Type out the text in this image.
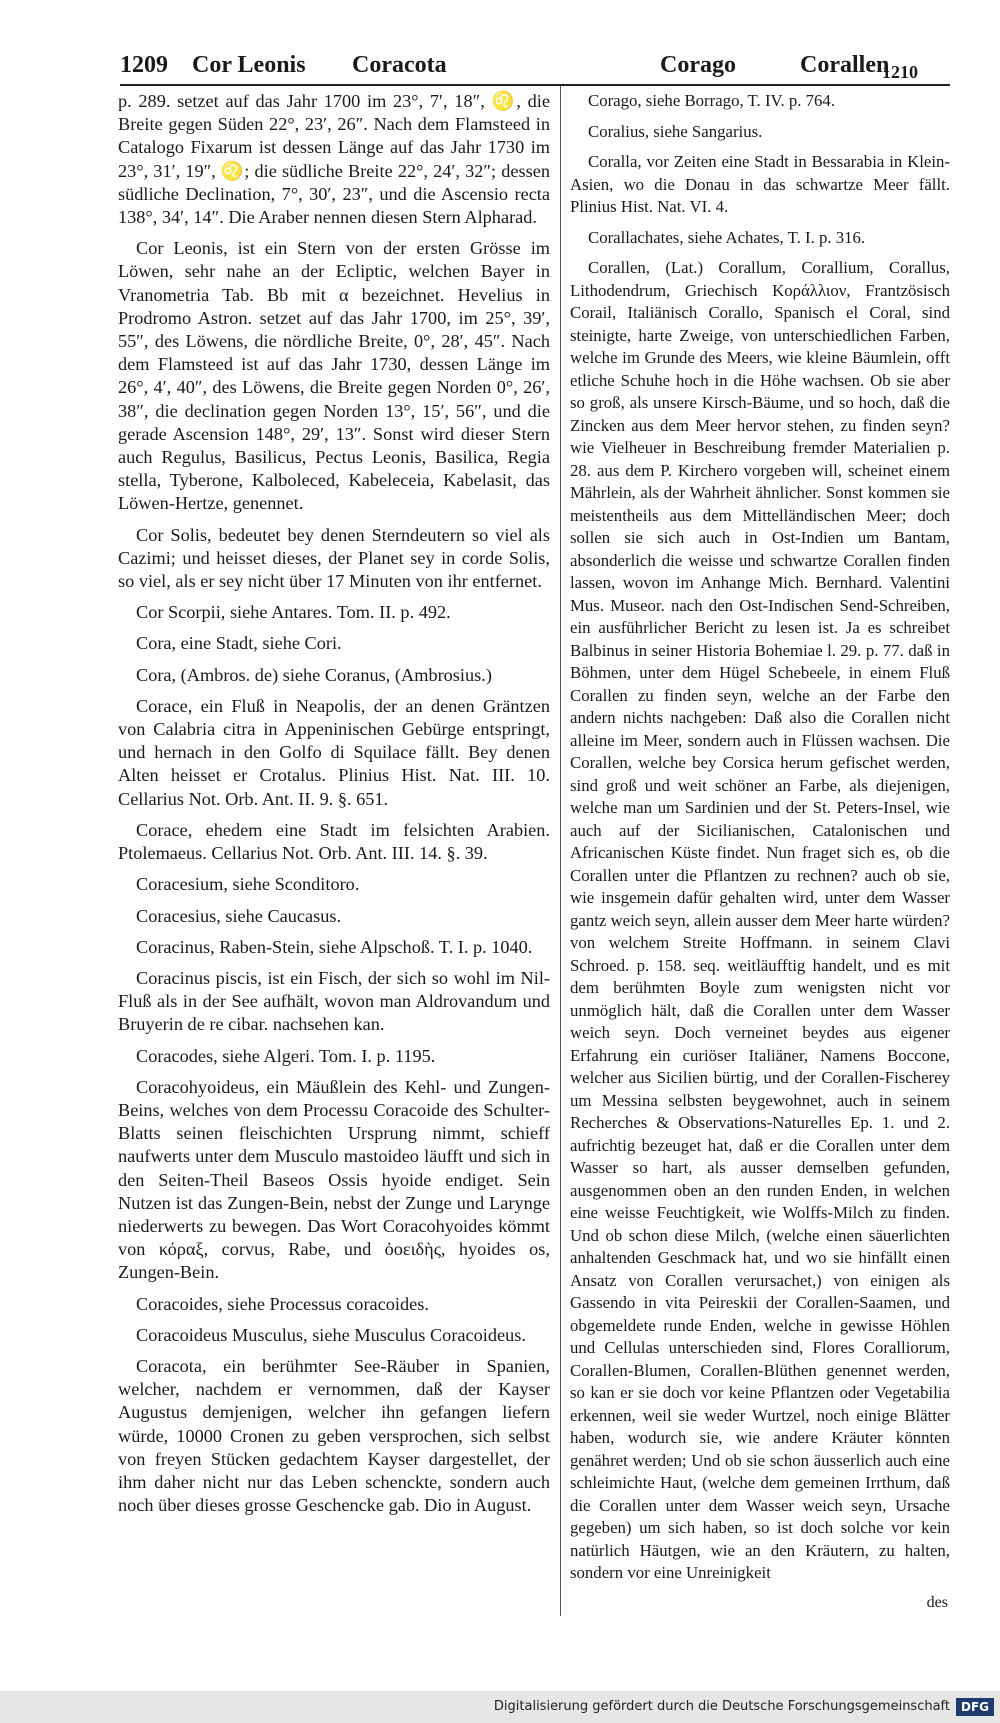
1209 Cor Leonis Coracota	Corago	Corallen
1210

p. 289. setzet auf das Jahr 1700 im 23°, 7′, 18″, ♌, die Breite gegen Süden 22°, 23′, 26″. Nach dem Flamsteed in Catalogo Fixarum ist dessen Länge auf das Jahr 1730 im 23°, 31′, 19″, ♌; die südliche Breite 22°, 24′, 32″; dessen südliche Declination, 7°, 30′, 23″, und die Ascensio recta 138°, 34′, 14″. Die Araber nennen diesen Stern Alpharad.

Cor Leonis, ist ein Stern von der ersten Grösse im Löwen, sehr nahe an der Ecliptic, welchen Bayer in Vranometria Tab. Bb mit α bezeichnet. Hevelius in Prodromo Astron. setzet auf das Jahr 1700, im 25°, 39′, 55″, des Löwens, die nördliche Breite, 0°, 28′, 45″. Nach dem Flamsteed ist auf das Jahr 1730, dessen Länge im 26°, 4′, 40″, des Löwens, die Breite gegen Norden 0°, 26′, 38″, die declination gegen Norden 13°, 15′, 56″, und die gerade Ascension 148°, 29′, 13″. Sonst wird dieser Stern auch Regulus, Basilicus, Pectus Leonis, Basilica, Regia stella, Tyberone, Kalboleced, Kabeleceia, Kabelasit, das Löwen-Hertze, genennet.

Cor Solis, bedeutet bey denen Sterndeutern so viel als Cazimi; und heisset dieses, der Planet sey in corde Solis, so viel, als er sey nicht über 17 Minuten von ihr entfernet.

Cor Scorpii, siehe Antares. Tom. II. p. 492.

Cora, eine Stadt, siehe Cori.

Cora, (Ambros. de) siehe Coranus, (Ambrosius.)

Corace, ein Fluß in Neapolis, der an denen Gräntzen von Calabria citra in Appeninischen Gebürge entspringt, und hernach in den Golfo di Squilace fällt. Bey denen Alten heisset er Crotalus. Plinius Hist. Nat. III. 10. Cellarius Not. Orb. Ant. II. 9. §. 651.

Corace, ehedem eine Stadt im felsichten Arabien. Ptolemaeus. Cellarius Not. Orb. Ant. III. 14. §. 39.

Coracesium, siehe Sconditoro.

Coracesius, siehe Caucasus.

Coracinus, Raben-Stein, siehe Alpschoß. T. I. p. 1040.

Coracinus piscis, ist ein Fisch, der sich so wohl im Nil-Fluß als in der See aufhält, wovon man Aldrovandum und Bruyerin de re cibar. nachsehen kan.

Coracodes, siehe Algeri. Tom. I. p. 1195.

Coracohyoideus, ein Mäußlein des Kehl- und Zungen-Beins, welches von dem Processu Coracoide des Schulter-Blatts seinen fleischichten Ursprung nimmt, schieff naufwerts unter dem Musculo mastoideo läufft und sich in den Seiten-Theil Baseos Ossis hyoide endiget. Sein Nutzen ist das Zungen-Bein, nebst der Zunge und Larynge niederwerts zu bewegen. Das Wort Coracohyoides kömmt von κόραξ, corvus, Rabe, und ὀοειδὴς, hyoides os, Zungen-Bein.

Coracoides, siehe Processus coracoides.

Coracoideus Musculus, siehe Musculus Coracoideus.

Coracota, ein berühmter See-Räuber in Spanien, welcher, nachdem er vernommen, daß der Kayser Augustus demjenigen, welcher ihn gefangen liefern würde, 10000 Cronen zu geben versprochen, sich selbst von freyen Stücken gedachtem Kayser dargestellet, der ihm daher nicht nur das Leben schenckte, sondern auch noch über dieses grosse Geschencke gab. Dio in August.

Corago, siehe Borrago, T. IV. p. 764.

Coralius, siehe Sangarius.

Coralla, vor Zeiten eine Stadt in Bessarabia in Klein-Asien, wo die Donau in das schwartze Meer fällt. Plinius Hist. Nat. VI. 4.

Corallachates, siehe Achates, T. I. p. 316.

Corallen, (Lat.) Corallum, Corallium, Corallus, Lithodendrum, Griechisch Κοράλλιον, Frantzösisch Corail, Italiänisch Corallo, Spanisch el Coral, sind steinigte, harte Zweige, von unterschiedlichen Farben, welche im Grunde des Meers, wie kleine Bäumlein, offt etliche Schuhe hoch in die Höhe wachsen. Ob sie aber so groß, als unsere Kirsch-Bäume, und so hoch, daß die Zincken aus dem Meer hervor stehen, zu finden seyn? wie Vielheuer in Beschreibung fremder Materialien p. 28. aus dem P. Kirchero vorgeben will, scheinet einem Mährlein, als der Wahrheit ähnlicher. Sonst kommen sie meistentheils aus dem Mittelländischen Meer; doch sollen sie sich auch in Ost-Indien um Bantam, absonderlich die weisse und schwartze Corallen finden lassen, wovon im Anhange Mich. Bernhard. Valentini Mus. Museor. nach den Ost-Indischen Send-Schreiben, ein ausführlicher Bericht zu lesen ist. Ja es schreibet Balbinus in seiner Historia Bohemiae l. 29. p. 77. daß in Böhmen, unter dem Hügel Schebeele, in einem Fluß Corallen zu finden seyn, welche an der Farbe den andern nichts nachgeben: Daß also die Corallen nicht alleine im Meer, sondern auch in Flüssen wachsen. Die Corallen, welche bey Corsica herum gefischet werden, sind groß und weit schöner an Farbe, als diejenigen, welche man um Sardinien und der St. Peters-Insel, wie auch auf der Sicilianischen, Catalonischen und Africanischen Küste findet. Nun fraget sich es, ob die Corallen unter die Pflantzen zu rechnen? auch ob sie, wie insgemein dafür gehalten wird, unter dem Wasser gantz weich seyn, allein ausser dem Meer harte würden? von welchem Streite Hoffmann. in seinem Clavi Schroed. p. 158. seq. weitläufftig handelt, und es mit dem berühmten Boyle zum wenigsten nicht vor unmöglich hält, daß die Corallen unter dem Wasser weich seyn. Doch verneinet beydes aus eigener Erfahrung ein curiöser Italiäner, Namens Boccone, welcher aus Sicilien bürtig, und der Corallen-Fischerey um Messina selbsten beygewohnet, auch in seinem Recherches & Observations-Naturelles Ep. 1. und 2. aufrichtig bezeuget hat, daß er die Corallen unter dem Wasser so hart, als ausser demselben gefunden, ausgenommen oben an den runden Enden, in welchen eine weisse Feuchtigkeit, wie Wolffs-Milch zu finden. Und ob schon diese Milch, (welche einen säuerlichten anhaltenden Geschmack hat, und wo sie hinfällt einen Ansatz von Corallen verursachet,) von einigen als Gassendo in vita Peireskii der Corallen-Saamen, und obgemeldete runde Enden, welche in gewisse Höhlen und Cellulas unterschieden sind, Flores Coralliorum, Corallen-Blumen, Corallen-Blüthen genennet werden, so kan er sie doch vor keine Pflantzen oder Vegetabilia erkennen, weil sie weder Wurtzel, noch einige Blätter haben, wodurch sie, wie andere Kräuter könnten genähret werden; Und ob sie schon äusserlich auch eine schleimichte Haut, (welche dem gemeinen Irrthum, daß die Corallen unter dem Wasser weich seyn, Ursache gegeben) um sich haben, so ist doch solche vor kein natürlich Häutgen, wie an den Kräutern, zu halten, sondern vor eine Unreinigkeit

des
Digitalisierung gefördert durch die Deutsche Forschungsgemeinschaft DFG
